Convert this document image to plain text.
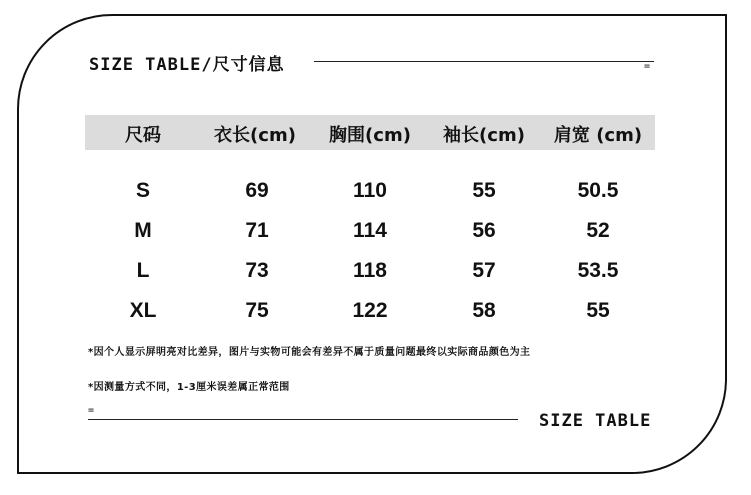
SIZE TABLE/尺寸信息	=
尺码	衣长(cm) 胸围(cm) 袖长(cm) 肩宽 (cm)
S	69	110	55	50.5
M	71	114	56	52
L	73	118	57	53.5
XL	75	122	58	55
*因个人显示屏明亮对比差异，图片与实物可能会有差异不属于质量问题最终以实际商品颜色为主
*因测量方式不同，1-3厘米误差属正常范围
=
SIZE TABLE
